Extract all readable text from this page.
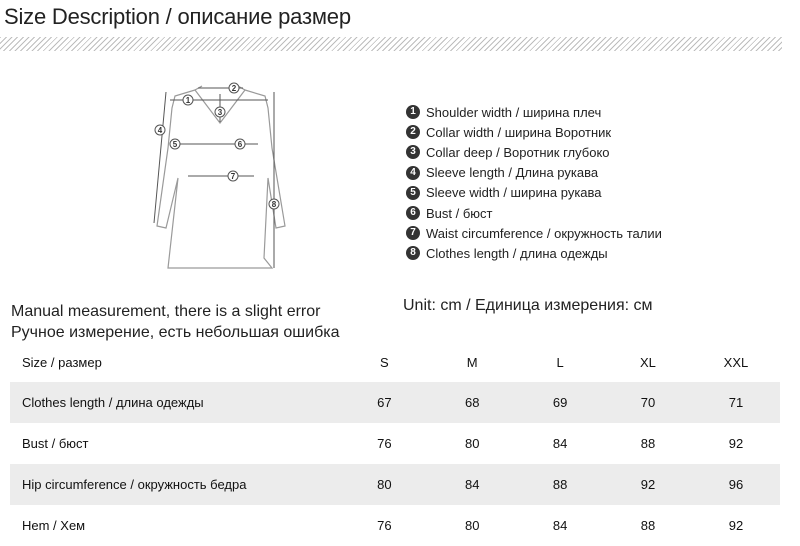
Size Description / описание размер
1
2
3
4
5	6
7
8
1 Shoulder width / ширина плеч
2 Collar width / ширина Воротник
3 Collar deep / Воротник глубоко
4 Sleeve length / Длина рукава
5 Sleeve width / ширина рукава
6 Bust / бюст
7 Waist circumference / окружность талии
8 Clothes length / длина одежды
Manual measurement, there is a slight error
Ручное измерение, есть небольшая ошибка
Unit: cm / Единица измерения: см
Size / размер	S	M	L	XL	XXL
Clothes length / длина одежды	67	68	69	70	71
Bust / бюст	76	80	84	88	92
Hip circumference / окружность бедра	80	84	88	92	96
Hem / Хем	76	80	84	88	92
